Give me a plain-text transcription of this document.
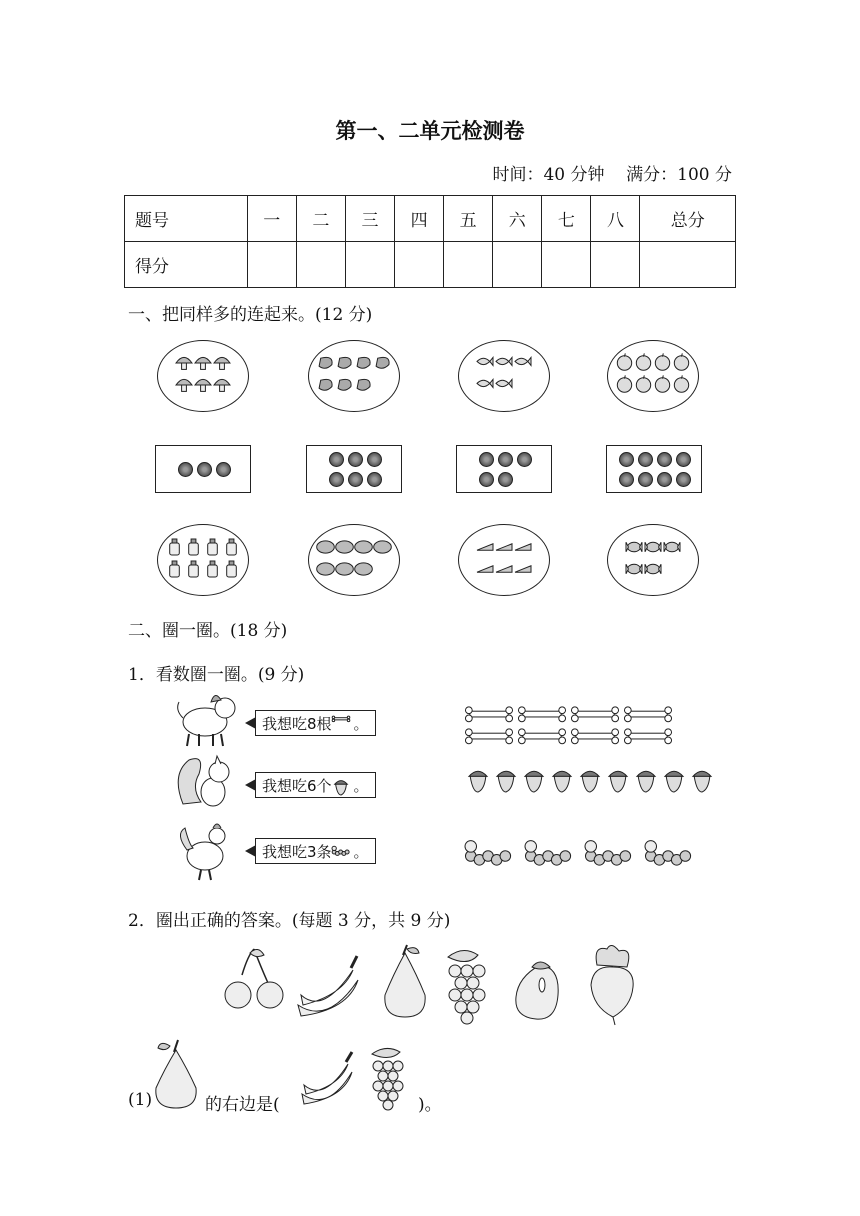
第一、二单元检测卷
时间：40 分钟    满分：100 分
题号	一	二	三	四	五	六	七	八	总分
得分									
一、把同样多的连起来。(12 分)
二、圈一圈。(18 分)
1．看数圈一圈。(9 分)
我想吃8根 。
我想吃6个 。
我想吃3条 。
2．圈出正确的答案。(每题 3 分，共 9 分)
(1)	的右边是(	)。
